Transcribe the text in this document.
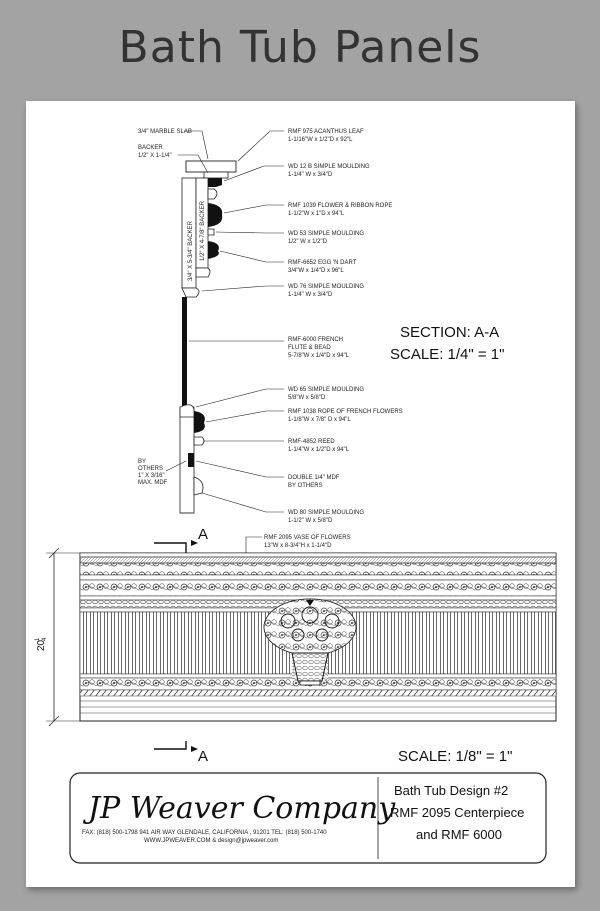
Bath Tub Panels
3/4" X 5-3/4" BACKER 1/2" X 4-7/8" BACKER
3/4" MARBLE SLAB
BACKER
1/2" X 1-1/4"
BY
OTHERS
1" X 3/16"
MAX. MDF
RMF 975 ACANTHUS LEAF
1-1/16"W x 1/2"D x 92"L
WD 12 B SIMPLE MOULDING
1-1/4" W x 3/4"D
RMF 1039 FLOWER & RIBBON ROPE
1-1/2"W x 1"D x 94"L
WD 53 SIMPLE MOULDING
1/2" W x 1/2"D
RMF-6652 EGG 'N DART
3/4"W x 1/4"D x 96"L
WD 76 SIMPLE MOULDING
1-1/4" W x 3/4"D
RMF-6000 FRENCH
FLUTE & BEAD
5-7/8"W x 1/4"D x 94"L
WD 65 SIMPLE MOULDING
5/8"W x 5/8"D
RMF 1038 ROPE OF FRENCH FLOWERS
1-1/8"W x 7/8" D x 94"L
RMF-4852 REED
1-1/4"W x 1/2"D x 94"L
DOUBLE 1/4" MDF
BY OTHERS
WD 80 SIMPLE MOULDING
1-1/2" W x 5/8"D
RMF 2095 VASE OF FLOWERS
13"W x 8-3/4"H x 1-1/4"D
SECTION: A-A
SCALE: 1/4" = 1"
A
A
20
1 4
SCALE: 1/8" = 1"
JP Weaver Company
FAX: (818) 500-1798 941 AIR WAY GLENDALE, CALIFORNIA , 91201 TEL: (818) 500-1740
WWW.JPWEAVER.COM & design@jpweaver.com
Bath Tub Design #2
RMF 2095 Centerpiece
and RMF 6000
